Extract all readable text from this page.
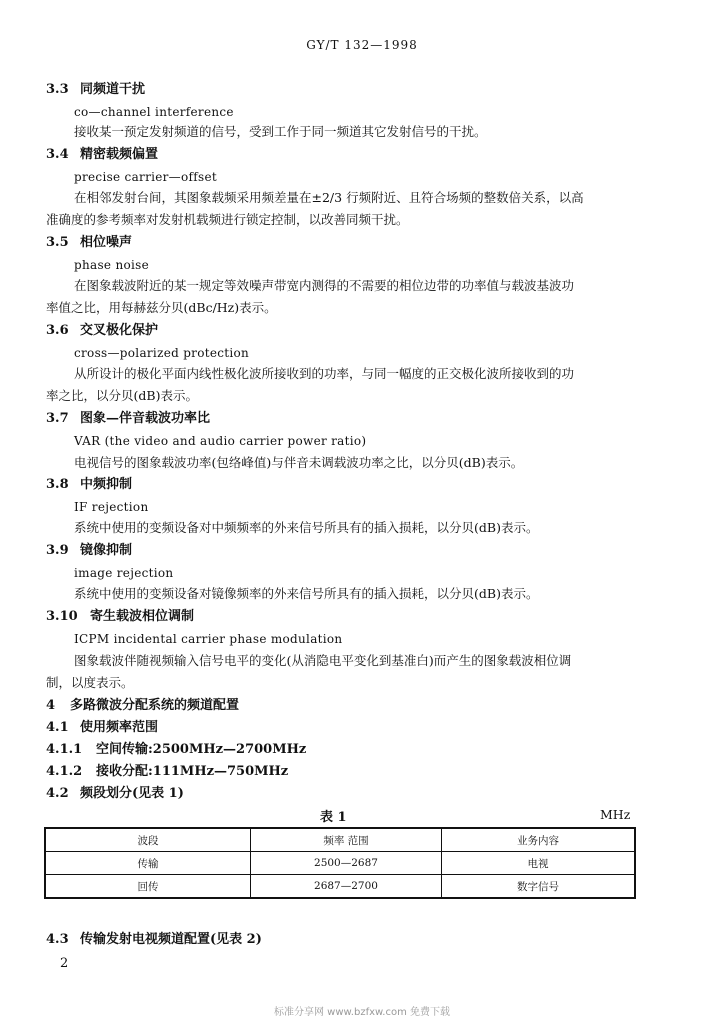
GY/T 132—1998
3.3 同频道干扰
co—channel interference
接收某一预定发射频道的信号，受到工作于同一频道其它发射信号的干扰。
3.4 精密载频偏置
precise carrier—offset
在相邻发射台间，其图象载频采用频差量在±2/3 行频附近、且符合场频的整数倍关系，以高
准确度的参考频率对发射机载频进行锁定控制，以改善同频干扰。
3.5 相位噪声
phase noise
在图象载波附近的某一规定等效噪声带宽内测得的不需要的相位边带的功率值与载波基波功
率值之比，用每赫兹分贝(dBc/Hz)表示。
3.6 交叉极化保护
cross—polarized protection
从所设计的极化平面内线性极化波所接收到的功率，与同一幅度的正交极化波所接收到的功
率之比，以分贝(dB)表示。
3.7 图象—伴音载波功率比
VAR (the video and audio carrier power ratio)
电视信号的图象载波功率(包络峰值)与伴音未调载波功率之比，以分贝(dB)表示。
3.8 中频抑制
IF rejection
系统中使用的变频设备对中频频率的外来信号所具有的插入损耗，以分贝(dB)表示。
3.9 镜像抑制
image rejection
系统中使用的变频设备对镜像频率的外来信号所具有的插入损耗，以分贝(dB)表示。
3.10 寄生载波相位调制
ICPM incidental carrier phase modulation
图象载波伴随视频输入信号电平的变化(从消隐电平变化到基准白)而产生的图象载波相位调
制，以度表示。
4 多路微波分配系统的频道配置
4.1 使用频率范围
4.1.1 空间传输:2500MHz—2700MHz
4.1.2 接收分配:111MHz—750MHz
4.2 频段划分(见表 1)
表 1	MHz
波段	频率 范围	业务内容
传输	2500—2687	电视
回传	2687—2700	数字信号
4.3 传输发射电视频道配置(见表 2)
2
标准分享网 www.bzfxw.com 免费下载
